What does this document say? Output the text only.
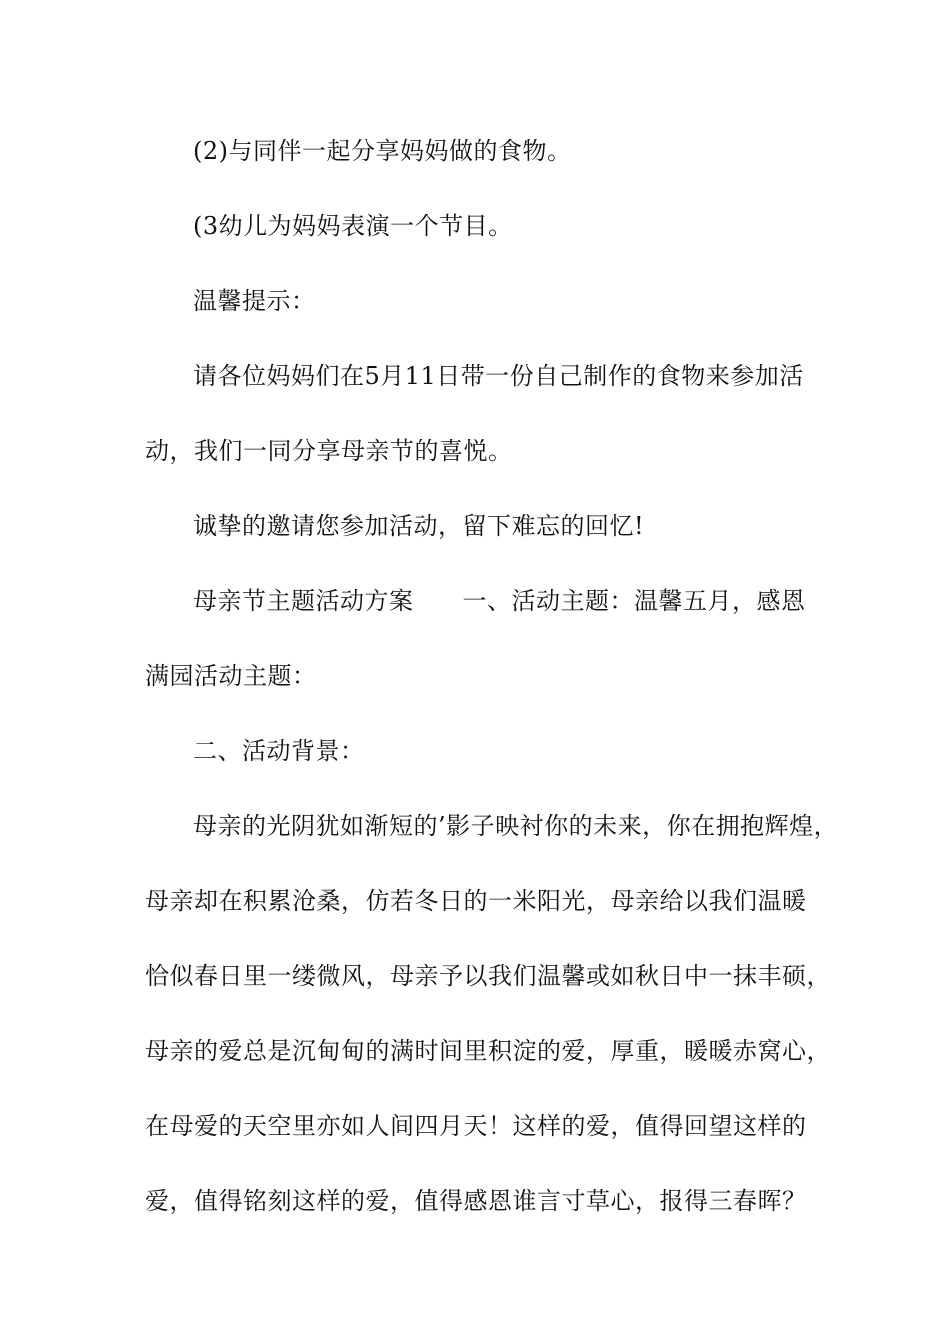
(2)与同伴一起分享妈妈做的食物。
(3幼儿为妈妈表演一个节目。
温馨提示：
请各位妈妈们在5月11日带一份自己制作的食物来参加活
动，我们一同分享母亲节的喜悦。
诚挚的邀请您参加活动，留下难忘的回忆!
母亲节主题活动方案　　一、活动主题：温馨五月，感恩
满园活动主题：
二、活动背景：
母亲的光阴犹如渐短的’影子映衬你的未来，你在拥抱辉煌，
母亲却在积累沧桑，仿若冬日的一米阳光，母亲给以我们温暖
恰似春日里一缕微风，母亲予以我们温馨或如秋日中一抹丰硕，
母亲的爱总是沉甸甸的满时间里积淀的爱，厚重，暖暖赤窝心，
在母爱的天空里亦如人间四月天！这样的爱，值得回望这样的
爱，值得铭刻这样的爱，值得感恩谁言寸草心，报得三春晖？
